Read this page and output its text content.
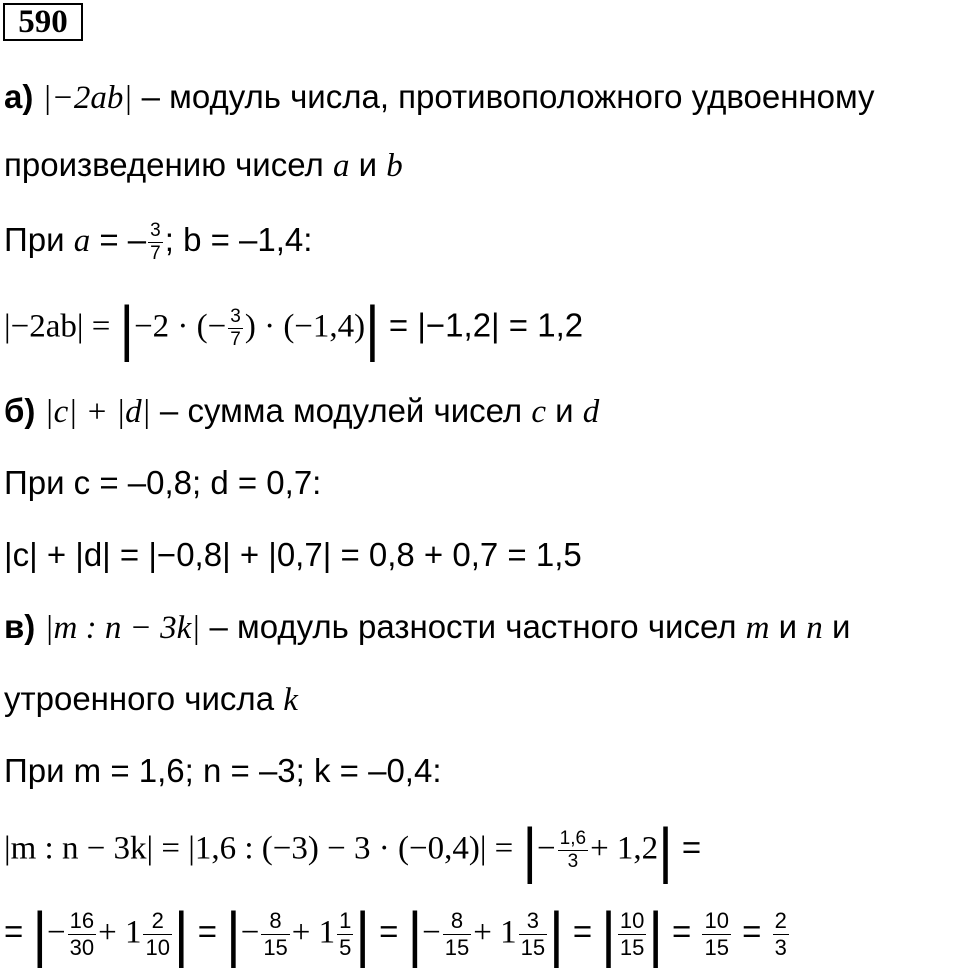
590
а) |−2ab| – модуль числа, противоположного удвоенному
произведению чисел a и b
При a = – $\frac{3}{7}$ ; b = –1,4:
|−2ab| = |−2 · (− $\frac{3}{7}$ ) · (−1,4)| = |−1,2| = 1,2
б) |c| + |d| – сумма модулей чисел c и d
При c = –0,8; d = 0,7:
|c| + |d| = |−0,8| + |0,7| = 0,8 + 0,7 = 1,5
в) |m : n − 3k| – модуль разности частного чисел m и n и
утроенного числа k
При m = 1,6; n = –3; k = –0,4:
|m : n − 3k| = |1,6 : (−3) − 3 · (−0,4)| = |− $\frac{1,6}{3} + 1,2|$ =
= |− $\frac{16}{30} + 1 \frac{2}{10}$ | = |− $\frac{8}{15} + 1 \frac{1}{5}$ | = |− $\frac{8}{15} + 1 \frac{3}{15}$ | = | $\frac{10}{15}$ | = $\frac{10}{15} = \frac{2}{3}$
